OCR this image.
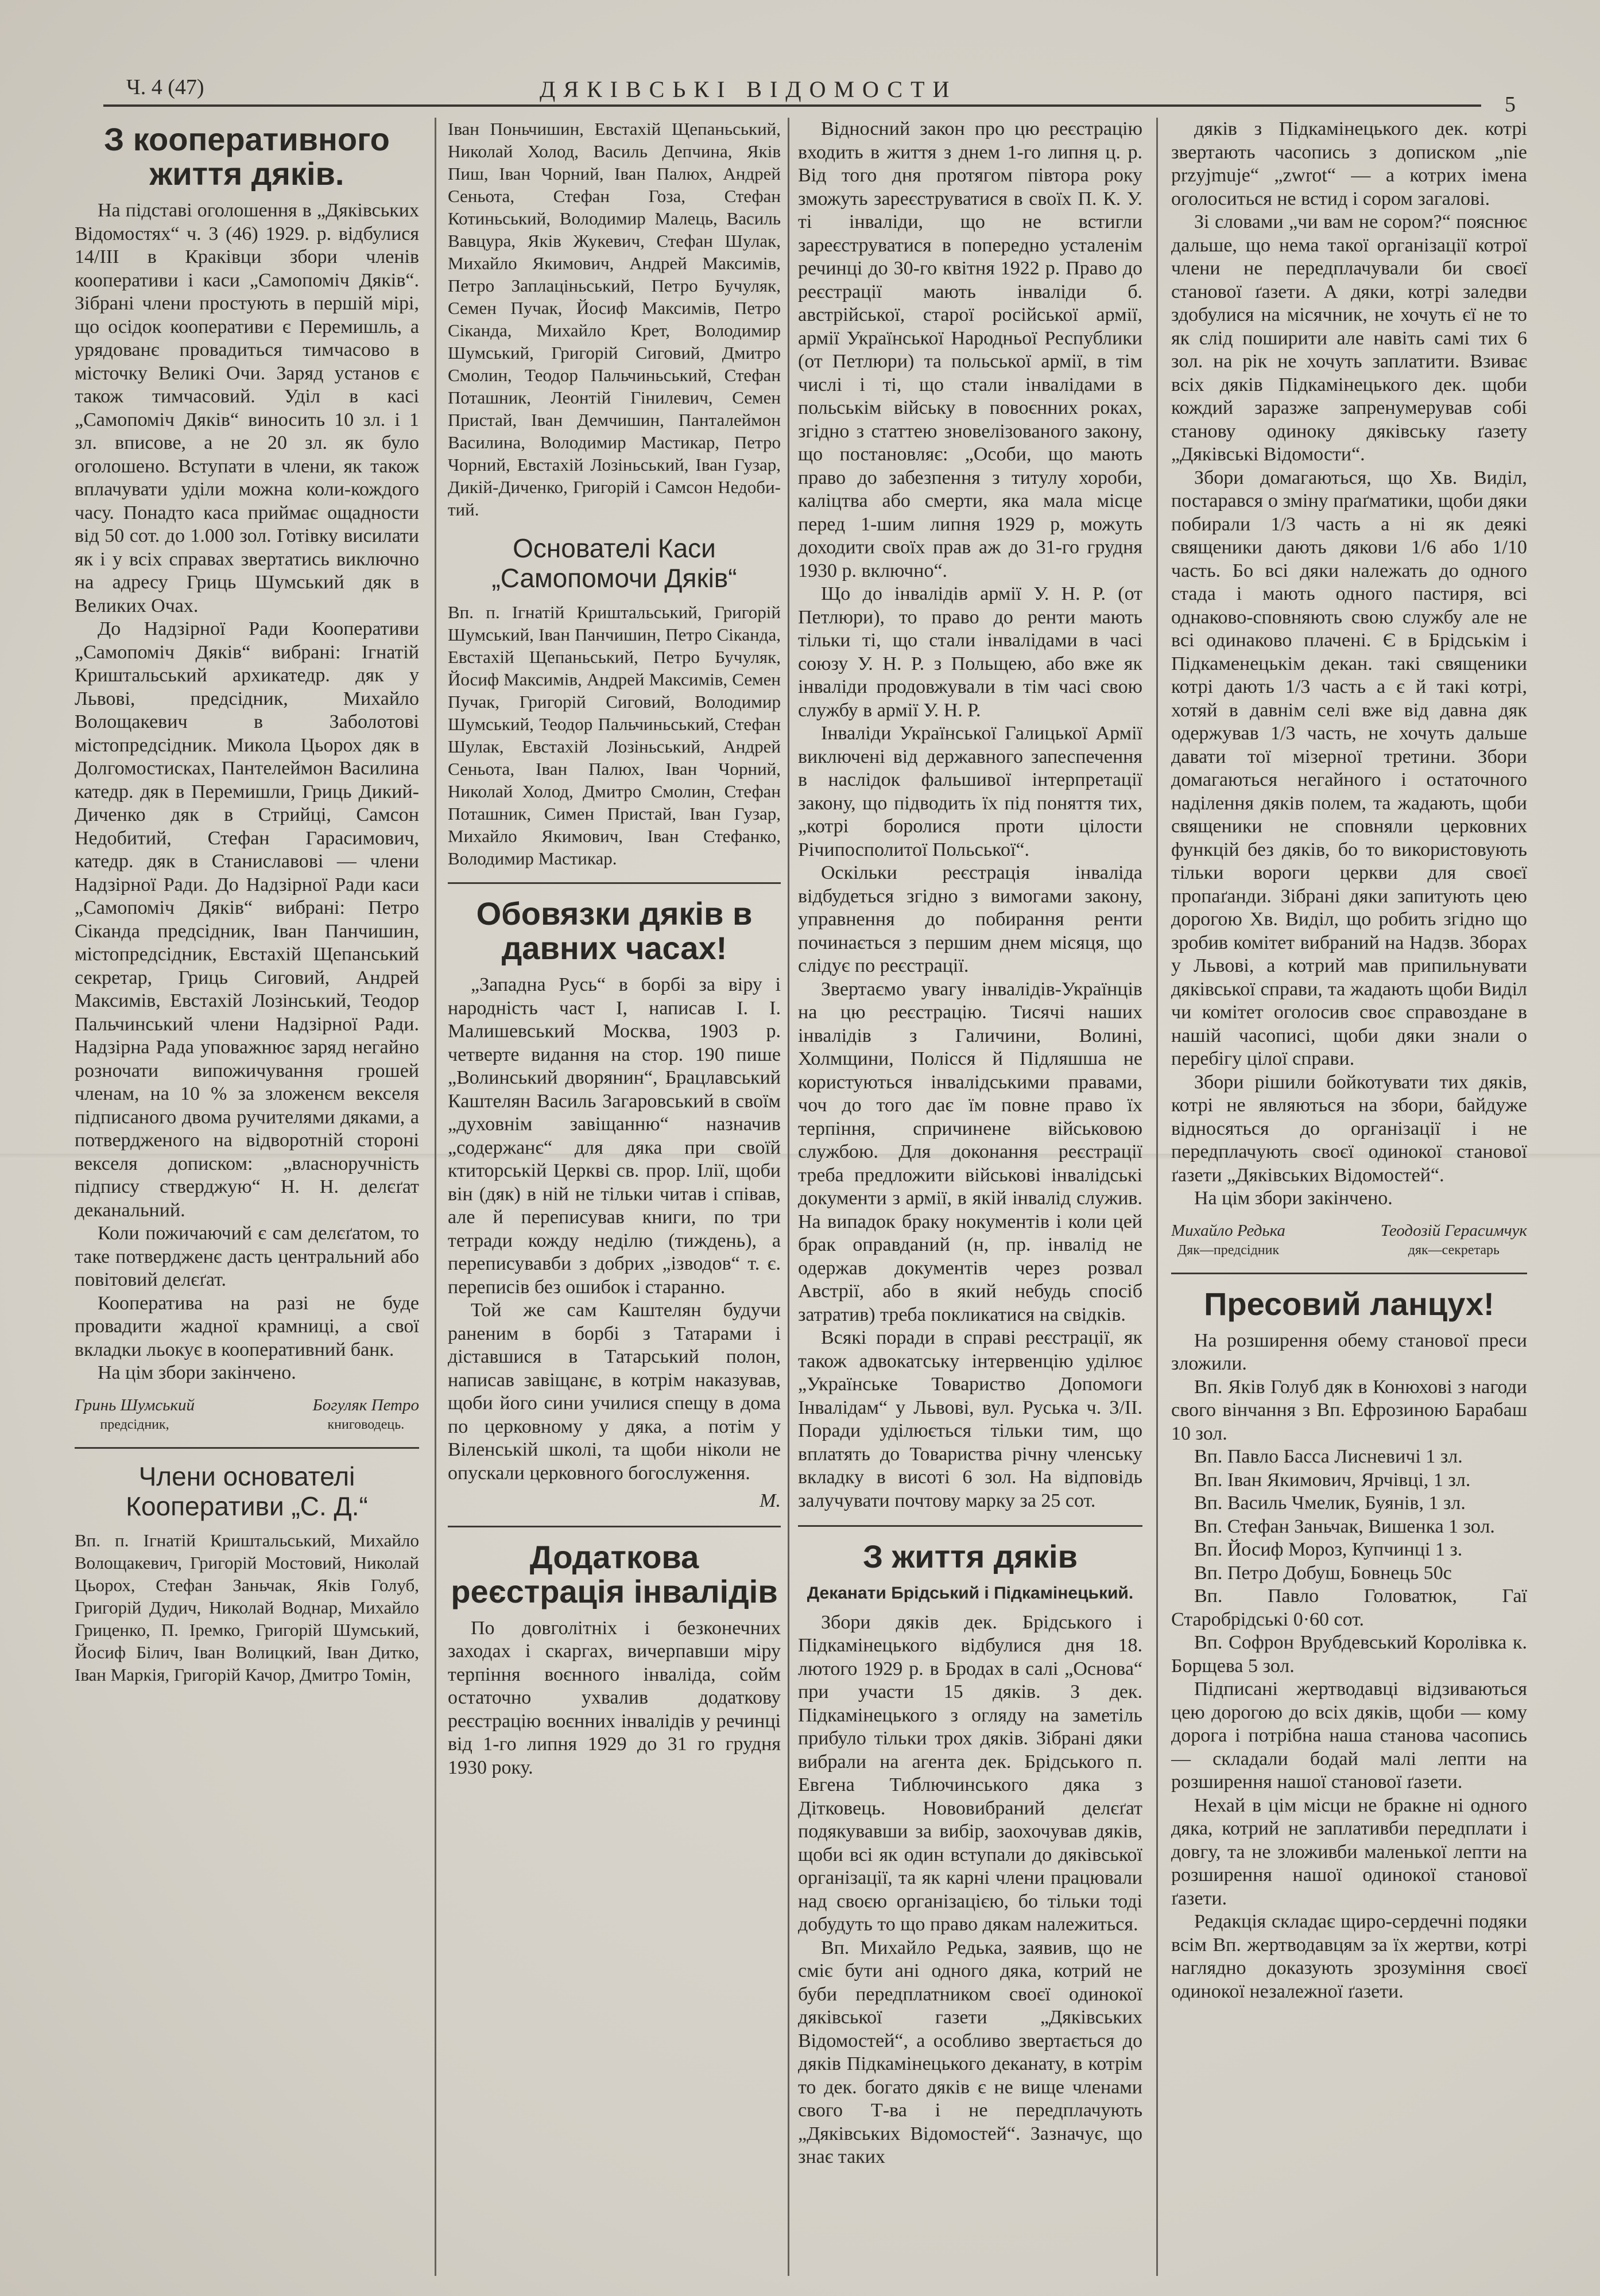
Ч. 4 (47)	ДЯКІВСЬКІ ВІДОМОСТИ
5
З кооперативного життя дяків.

На підставі оголошення в „Дяківських Відомостях“ ч. 3 (46) 1929. р. відбулися 14/III в Краківци збори членів кооперативи і каси „Самопоміч Дяків“. Зібрані члени простують в першій мірі, що осідок кооперативи є Перемишль, а урядованє провадиться тимчасово в місточку Великі Очи. Заряд установ є також тимчасовий. Уділ в касі „Самопоміч Дяків“ виносить 10 зл. і 1 зл. вписове, а не 20 зл. як було оголошено. Вступати в члени, як також вплачувати уділи можна коли-кождого часу. Понадто каса приймає ощадности від 50 сот. до 1.000 зол. Готівку висилати як і у всіх справах звертатись виключно на адресу Гриць Шумський дяк в Великих Очах.

До Надзірної Ради Кооперативи „Самопоміч Дяків“ вибрані: Ігнатій Криштальський архикатедр. дяк у Львові, предсідник, Михайло Волощакевич в Заболотові містопредсідник. Микола Цьорох дяк в Долгомостисках, Пантелеймон Василина катедр. дяк в Перемишли, Гриць Дикий-Диченко дяк в Стрийці, Самсон Недобитий, Стефан Гарасимович, катедр. дяк в Станиславові — члени Надзірної Ради. До Надзірної Ради каси „Самопоміч Дяків“ вибрані: Петро Сіканда предсідник, Іван Панчишин, містопредсідник, Евстахій Щепанський секретар, Гриць Сиговий, Андрей Максимів, Евстахій Лозінський, Теодор Пальчинський члени Надзірної Ради. Надзірна Рада уповажнює заряд негайно розночати випожичування грошей членам, на 10 % за зложенєм векселя підписаного двома ручителями дяками, а потвердженого на відворотній стороні векселя дописком: „власноручність підпису стверджую“ Н. Н. делєґат деканальний.

Коли пожичаючий є сам делєґатом, то таке потвердженє дасть центральний або повітовий делєґат.

Кооператива на разі не буде провадити жадної крамниці, а свої вкладки льокує в кооперативний банк.

На цім збори закінчено.

Гринь Шумський
предсідник,
Богуляк Петро
книговодець.
Члени основателі Кооперативи „С. Д.“

Вп. п. Ігнатій Криштальський, Михайло Волощакевич, Григорій Мостовий, Николай Цьорох, Стефан Заньчак, Яків Голуб, Григорій Дудич, Николай Воднар, Михайло Гриценко, П. Іремко, Григорій Шумський, Йосиф Білич, Іван Волицкий, Іван Дитко, Іван Маркія, Григорій Качор, Дмитро Томін,

Іван Поньчишин, Евстахій Щепаньський, Николай Холод, Василь Депчина, Яків Пиш, Іван Чорний, Іван Палюх, Андрей Сеньота, Стефан Гоза, Стефан Котиньський, Володимир Малець, Василь Вавцура, Яків Жукевич, Стефан Шулак, Михайло Якимович, Андрей Максимів, Петро Заплаціньський, Петро Бучуляк, Семен Пучак, Йосиф Максимів, Петро Сіканда, Михайло Крет, Володимир Шумський, Григорій Сиговий, Дмитро Смолин, Теодор Пальчиньський, Стефан Поташник, Леонтій Гінилевич, Семен Пристай, Іван Демчишин, Панталеймон Василина, Володимир Мастикар, Петро Чорний, Евстахій Лозіньський, Іван Гузар, Дикій-Диченко, Григорій і Самсон Недобитий.

Основателі Каси „Самопомочи Дяків“

Вп. п. Ігнатій Криштальський, Григорій Шумський, Іван Панчишин, Петро Сіканда, Евстахій Щепаньський, Петро Бучуляк, Йосиф Максимів, Андрей Максимів, Семен Пучак, Григорій Сиговий, Володимир Шумський, Теодор Пальчиньський, Стефан Шулак, Евстахій Лозіньський, Андрей Сеньота, Іван Палюх, Іван Чорний, Николай Холод, Дмитро Смолин, Стефан Поташник, Симен Пристай, Іван Гузар, Михайло Якимович, Іван Стефанко, Володимир Мастикар.

Обовязки дяків в давних часах!

„Западна Русь“ в борбі за віру і народність част I, написав І. І. Малишевський Москва, 1903 р. четверте видання на стор. 190 пише „Волинський дворянин“, Брацлавський Каштелян Василь Загаровський в своїм „духовнім завіщанню“ назначив „содержанє“ для дяка при своїй ктиторській Церкві св. прор. Ілії, щоби він (дяк) в ній не тільки читав і співав, але й переписував книги, по три тетради кожду неділю (тиждень), а переписувавби з добрих „ізводов“ т. є. переписів без ошибок і старанно.

Той же сам Каштелян будучи раненим в борбі з Татарами і діставшися в Татарський полон, написав завіщанє, в котрім наказував, щоби його сини училися спещу в дома по церковному у дяка, а потім у Віленській школі, та щоби ніколи не опускали церковного богослуження.

М.
Додаткова реєстрація інвалідів

По довголітніх і безконечних заходах і скаргах, вичерпавши міру терпіння воєнного інваліда, сойм остаточно ухвалив додаткову реєстрацію воєнних інвалідів у речинці від 1-го липня 1929 до 31 го грудня 1930 року.

Відносний закон про цю реєстрацію входить в життя з днем 1-го липня ц. р. Від того дня протягом півтора року зможуть зареєструватися в своїх П. К. У. ті інваліди, що не встигли зареєструватися в попередно усталенім речинці до 30-го квітня 1922 р. Право до реєстрації мають інваліди б. австрійської, старої російської армії, армії Української Народньої Республики (от Петлюри) та польської армії, в тім числі і ті, що стали інвалідами в польськім війську в повоєнних роках, згідно з статтею зновелізованого закону, що постановляє: „Особи, що мають право до забезпення з титулу хороби, каліцтва або смерти, яка мала місце перед 1-шим липня 1929 р, можуть доходити своїх прав аж до 31-го грудня 1930 р. включно“.

Що до інвалідів армії У. Н. Р. (от Петлюри), то право до ренти мають тільки ті, що стали інвалідами в часі союзу У. Н. Р. з Польщею, або вже як інваліди продовжували в тім часі свою службу в армії У. Н. Р.

Інваліди Української Галицької Армії виключені від державного запеспечення в наслідок фальшивої інтерпретації закону, що підводить їх під поняття тих, „котрі боролися проти цілости Річипосполитої Польської“.

Оскільки реєстрація інваліда відбудеться згідно з вимогами закону, управнення до побирання ренти починається з першим днем місяця, що слідує по реєстрації.

Звертаємо увагу інвалідів-Українців на цю реєстрацію. Тисячі наших інвалідів з Галичини, Волині, Холмщини, Полісся й Підляшша не користуються інвалідськими правами, чоч до того дає їм повне право їх терпіння, спричинене військовою службою. Для доконання реєстрації треба предложити військові інвалідські документи з армії, в якій інвалід служив. На випадок браку нокументів і коли цей брак оправданий (н, пр. інвалід не одержав документів через розвал Австрії, або в який небудь спосіб затратив) треба покликатися на свідків.

Всякі поради в справі реєстрації, як також адвокатську інтервенцію уділює „Українське Товариство Допомоги Інвалідам“ у Львові, вул. Руська ч. 3/ІІ. Поради уділюється тільки тим, що вплатять до Товариства річну членську вкладку в висоті 6 зол. На відповідь залучувати почтову марку за 25 сот.

З життя дяків
Деканати Брідський і Підкамінецький.

Збори дяків дек. Брідського і Підкамінецького відбулися дня 18. лютого 1929 р. в Бродах в салі „Основа“ при участи 15 дяків. З дек. Підкамінецького з огляду на заметіль прибуло тільки трох дяків. Зібрані дяки вибрали на агента дек. Брідського п. Евгена Тиблючинського дяка з Дітковець. Нововибраний делєґат подякувавши за вибір, заохочував дяків, щоби всі як один вступали до дяківської організації, та як карні члени працювали над своєю організацією, бо тільки тоді добудуть то що право дякам належиться.

Вп. Михайло Редька, заявив, що не сміє бути ані одного дяка, котрий не буби передплатником своєї одинокої дяківської газети „Дяківських Відомостей“, а особливо звертається до дяків Підкамінецького деканату, в котрім то дек. богато дяків є не вище членами свого Т-ва і не передплачують „Дяківських Відомостей“. Зазначує, що знає таких

дяків з Підкамінецького дек. котрі звертають часопись з дописком „nie przyjmuje“ „zwrot“ — а котрих імена оголоситься не встид і сором загалові.

Зі словами „чи вам не сором?“ пояснює дальше, що нема такої організації котрої члени не передплачували би своєї станової ґазети. А дяки, котрі заледви здобулися на місячник, не хочуть єї не то як слід поширити але навіть самі тих 6 зол. на рік не хочуть заплатити. Взиває всіх дяків Підкамінецького дек. щоби кождий заразже запренумерував собі станову одиноку дяківську ґазету „Дяківські Відомости“.

Збори домагаються, що Хв. Виділ, постарався о зміну праґматики, щоби дяки побирали 1/3 часть а ні як деякі священики дають дякови 1/6 або 1/10 часть. Бо всі дяки належать до одного стада і мають одного пастиря, всі однаково-сповняють свою службу але не всі одинаково плачені. Є в Брідськім і Підкаменецькім декан. такі священики котрі дають 1/3 часть а є й такі котрі, хотяй в давнім селі вже від давна дяк одержував 1/3 часть, не хочуть дальше давати тої мізерної третини. Збори домагаються негайного і остаточного наділення дяків полем, та жадають, щоби священики не сповняли церковних функцій без дяків, бо то використовують тільки вороги церкви для своєї пропаґанди. Зібрані дяки запитують цею дорогою Хв. Виділ, що робить згідно що зробив комітет вибраний на Надзв. Зборах у Львові, а котрий мав припильнувати дяківської справи, та жадають щоби Виділ чи комітет оголосив своє справоздане в нашій часописі, щоби дяки знали о перебігу цілої справи.

Збори рішили бойкотувати тих дяків, котрі не являються на збори, байдуже відносяться до організації і не передплачують своєї одинокої станової ґазети „Дяківських Відомостей“.

На цім збори закінчено.

Михайло Редька
Дяк—предсідник
Теодозій Герасимчук
дяк—секретарь
Пресовий ланцух!

На розширення обему станової преси зложили.

Вп. Яків Голуб дяк в Конюхові з нагоди свого вінчання з Вп. Ефрозиною Барабаш 10 зол.

Вп. Павло Басса Лисневичі 1 зл.

Вп. Іван Якимович, Ярчівці, 1 зл.

Вп. Василь Чмелик, Буянів, 1 зл.

Вп. Стефан Заньчак, Вишенка 1 зол.

Вп. Йосиф Мороз, Купчинці 1 з.

Вп. Петро Добуш, Бовнець 50с

Вп. Павло Головатюк, Гаї Старобрідські 0·60 сот.

Вп. Софрон Врубдевський Королівка к. Борщева 5 зол.

Підписані жертводавці відзиваються цею дорогою до всіх дяків, щоби — кому дорога і потрібна наша станова часопись — складали бодай малі лепти на розширення нашої станової ґазети.

Нехай в цім місци не бракне ні одного дяка, котрий не заплативби передплати і довгу, та не зложивби маленької лепти на розширення нашої одинокої станової ґазети.

Редакція складає щиро-сердечні подяки всім Вп. жертводавцям за їх жертви, котрі наглядно доказують зрозуміння своєї одинокої незалежної ґазети.
